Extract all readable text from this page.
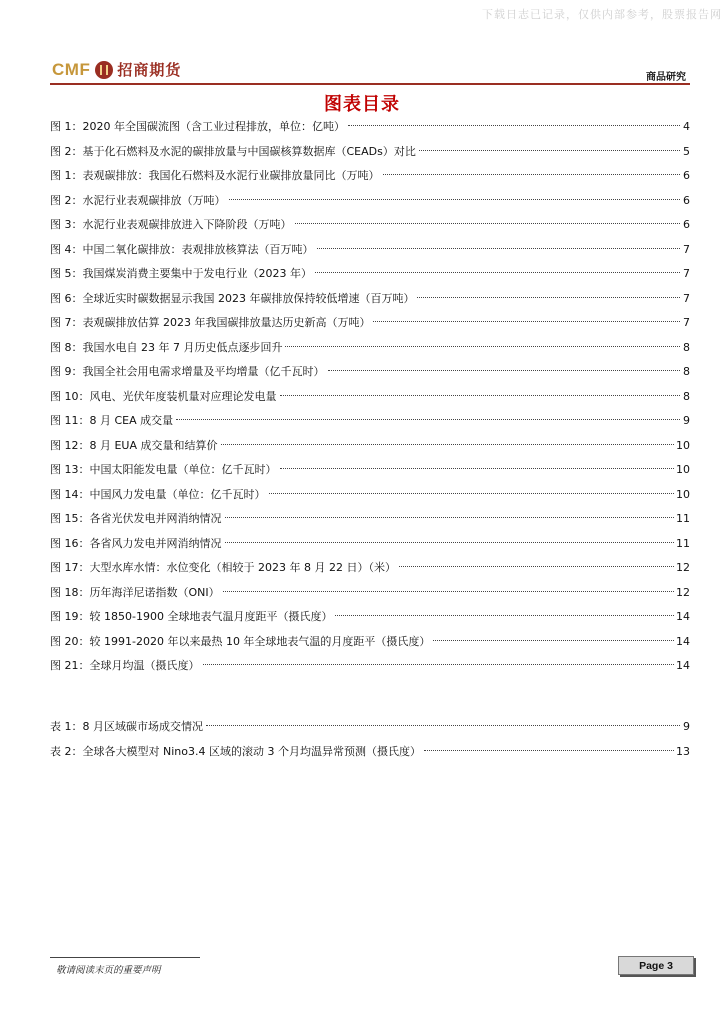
下载日志已记录，仅供内部参考，股票报告网
CMF 招商期货	商品研究
图表目录
图 1：2020 年全国碳流图（含工业过程排放，单位：亿吨）	4
图 2：基于化石燃料及水泥的碳排放量与中国碳核算数据库（CEADs）对比	5
图 1：表观碳排放：我国化石燃料及水泥行业碳排放量同比（万吨）	6
图 2：水泥行业表观碳排放（万吨）	6
图 3：水泥行业表观碳排放进入下降阶段（万吨）	6
图 4：中国二氧化碳排放：表观排放核算法（百万吨）	7
图 5：我国煤炭消费主要集中于发电行业（2023 年）	7
图 6：全球近实时碳数据显示我国 2023 年碳排放保持较低增速（百万吨）	7
图 7：表观碳排放估算 2023 年我国碳排放量达历史新高（万吨）	7
图 8：我国水电自 23 年 7 月历史低点逐步回升	8
图 9：我国全社会用电需求增量及平均增量（亿千瓦时）	8
图 10：风电、光伏年度装机量对应理论发电量	8
图 11：8 月 CEA 成交量	9
图 12：8 月 EUA 成交量和结算价	10
图 13：中国太阳能发电量（单位：亿千瓦时）	10
图 14：中国风力发电量（单位：亿千瓦时）	10
图 15：各省光伏发电并网消纳情况	11
图 16：各省风力发电并网消纳情况	11
图 17：大型水库水情：水位变化（相较于 2023 年 8 月 22 日）（米）	12
图 18：历年海洋尼诺指数（ONI）	12
图 19：较 1850-1900 全球地表气温月度距平（摄氏度）	14
图 20：较 1991-2020 年以来最热 10 年全球地表气温的月度距平（摄氏度）	14
图 21：全球月均温（摄氏度）	14
表 1：8 月区域碳市场成交情况	9
表 2：全球各大模型对 Nino3.4 区域的滚动 3 个月均温异常预测（摄氏度）	13
敬请阅读末页的重要声明	Page 3
